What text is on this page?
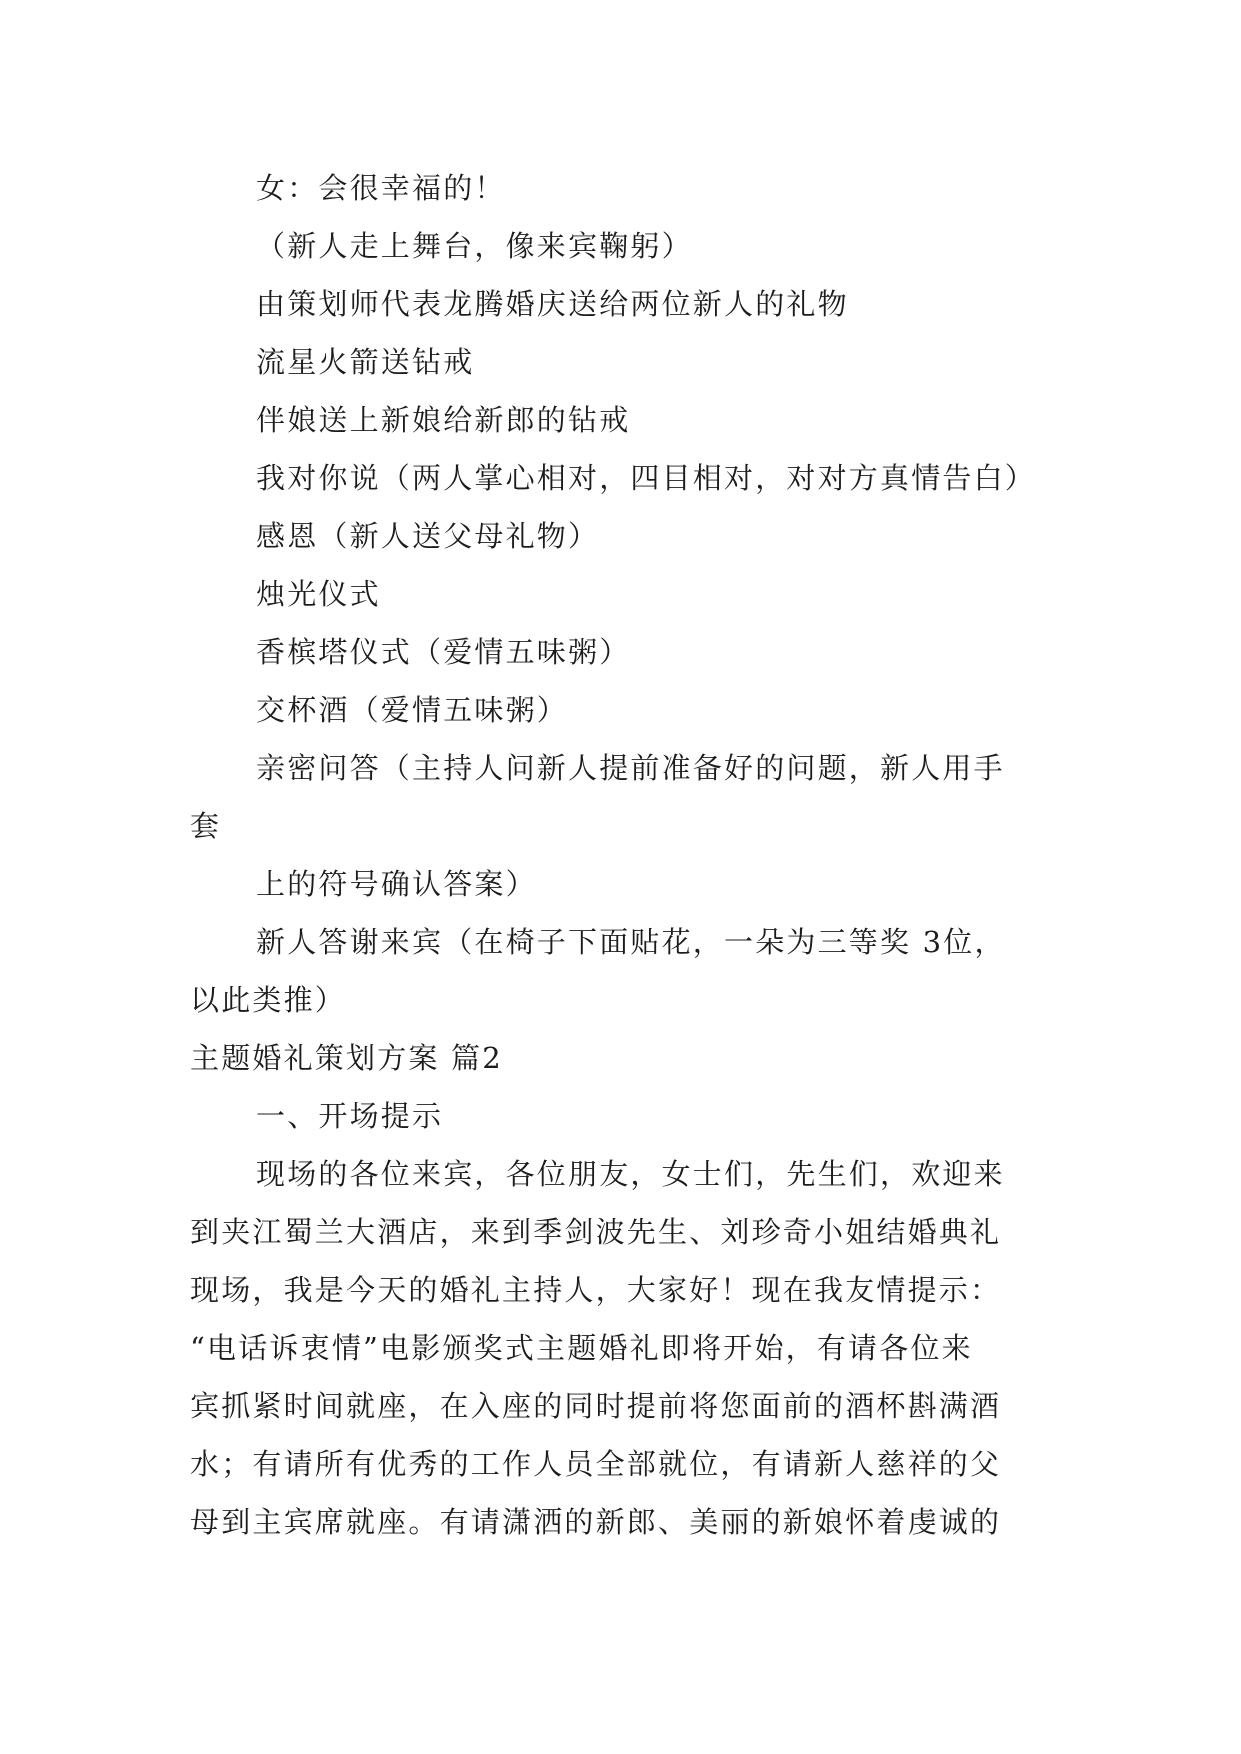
女：会很幸福的！
（新人走上舞台，像来宾鞠躬）
由策划师代表龙腾婚庆送给两位新人的礼物
流星火箭送钻戒
伴娘送上新娘给新郎的钻戒
我对你说（两人掌心相对，四目相对，对对方真情告白）
感恩（新人送父母礼物）
烛光仪式
香槟塔仪式（爱情五味粥）
交杯酒（爱情五味粥）
亲密问答（主持人问新人提前准备好的问题，新人用手
套
上的符号确认答案）
新人答谢来宾（在椅子下面贴花，一朵为三等奖 3位，
以此类推）
主题婚礼策划方案 篇2
一、开场提示
现场的各位来宾，各位朋友，女士们，先生们，欢迎来
到夹江蜀兰大酒店，来到季剑波先生、刘珍奇小姐结婚典礼
现场，我是今天的婚礼主持人，大家好！现在我友情提示：
“电话诉衷情”电影颁奖式主题婚礼即将开始，有请各位来
宾抓紧时间就座，在入座的同时提前将您面前的酒杯斟满酒
水；有请所有优秀的工作人员全部就位，有请新人慈祥的父
母到主宾席就座。有请潇洒的新郎、美丽的新娘怀着虔诚的
